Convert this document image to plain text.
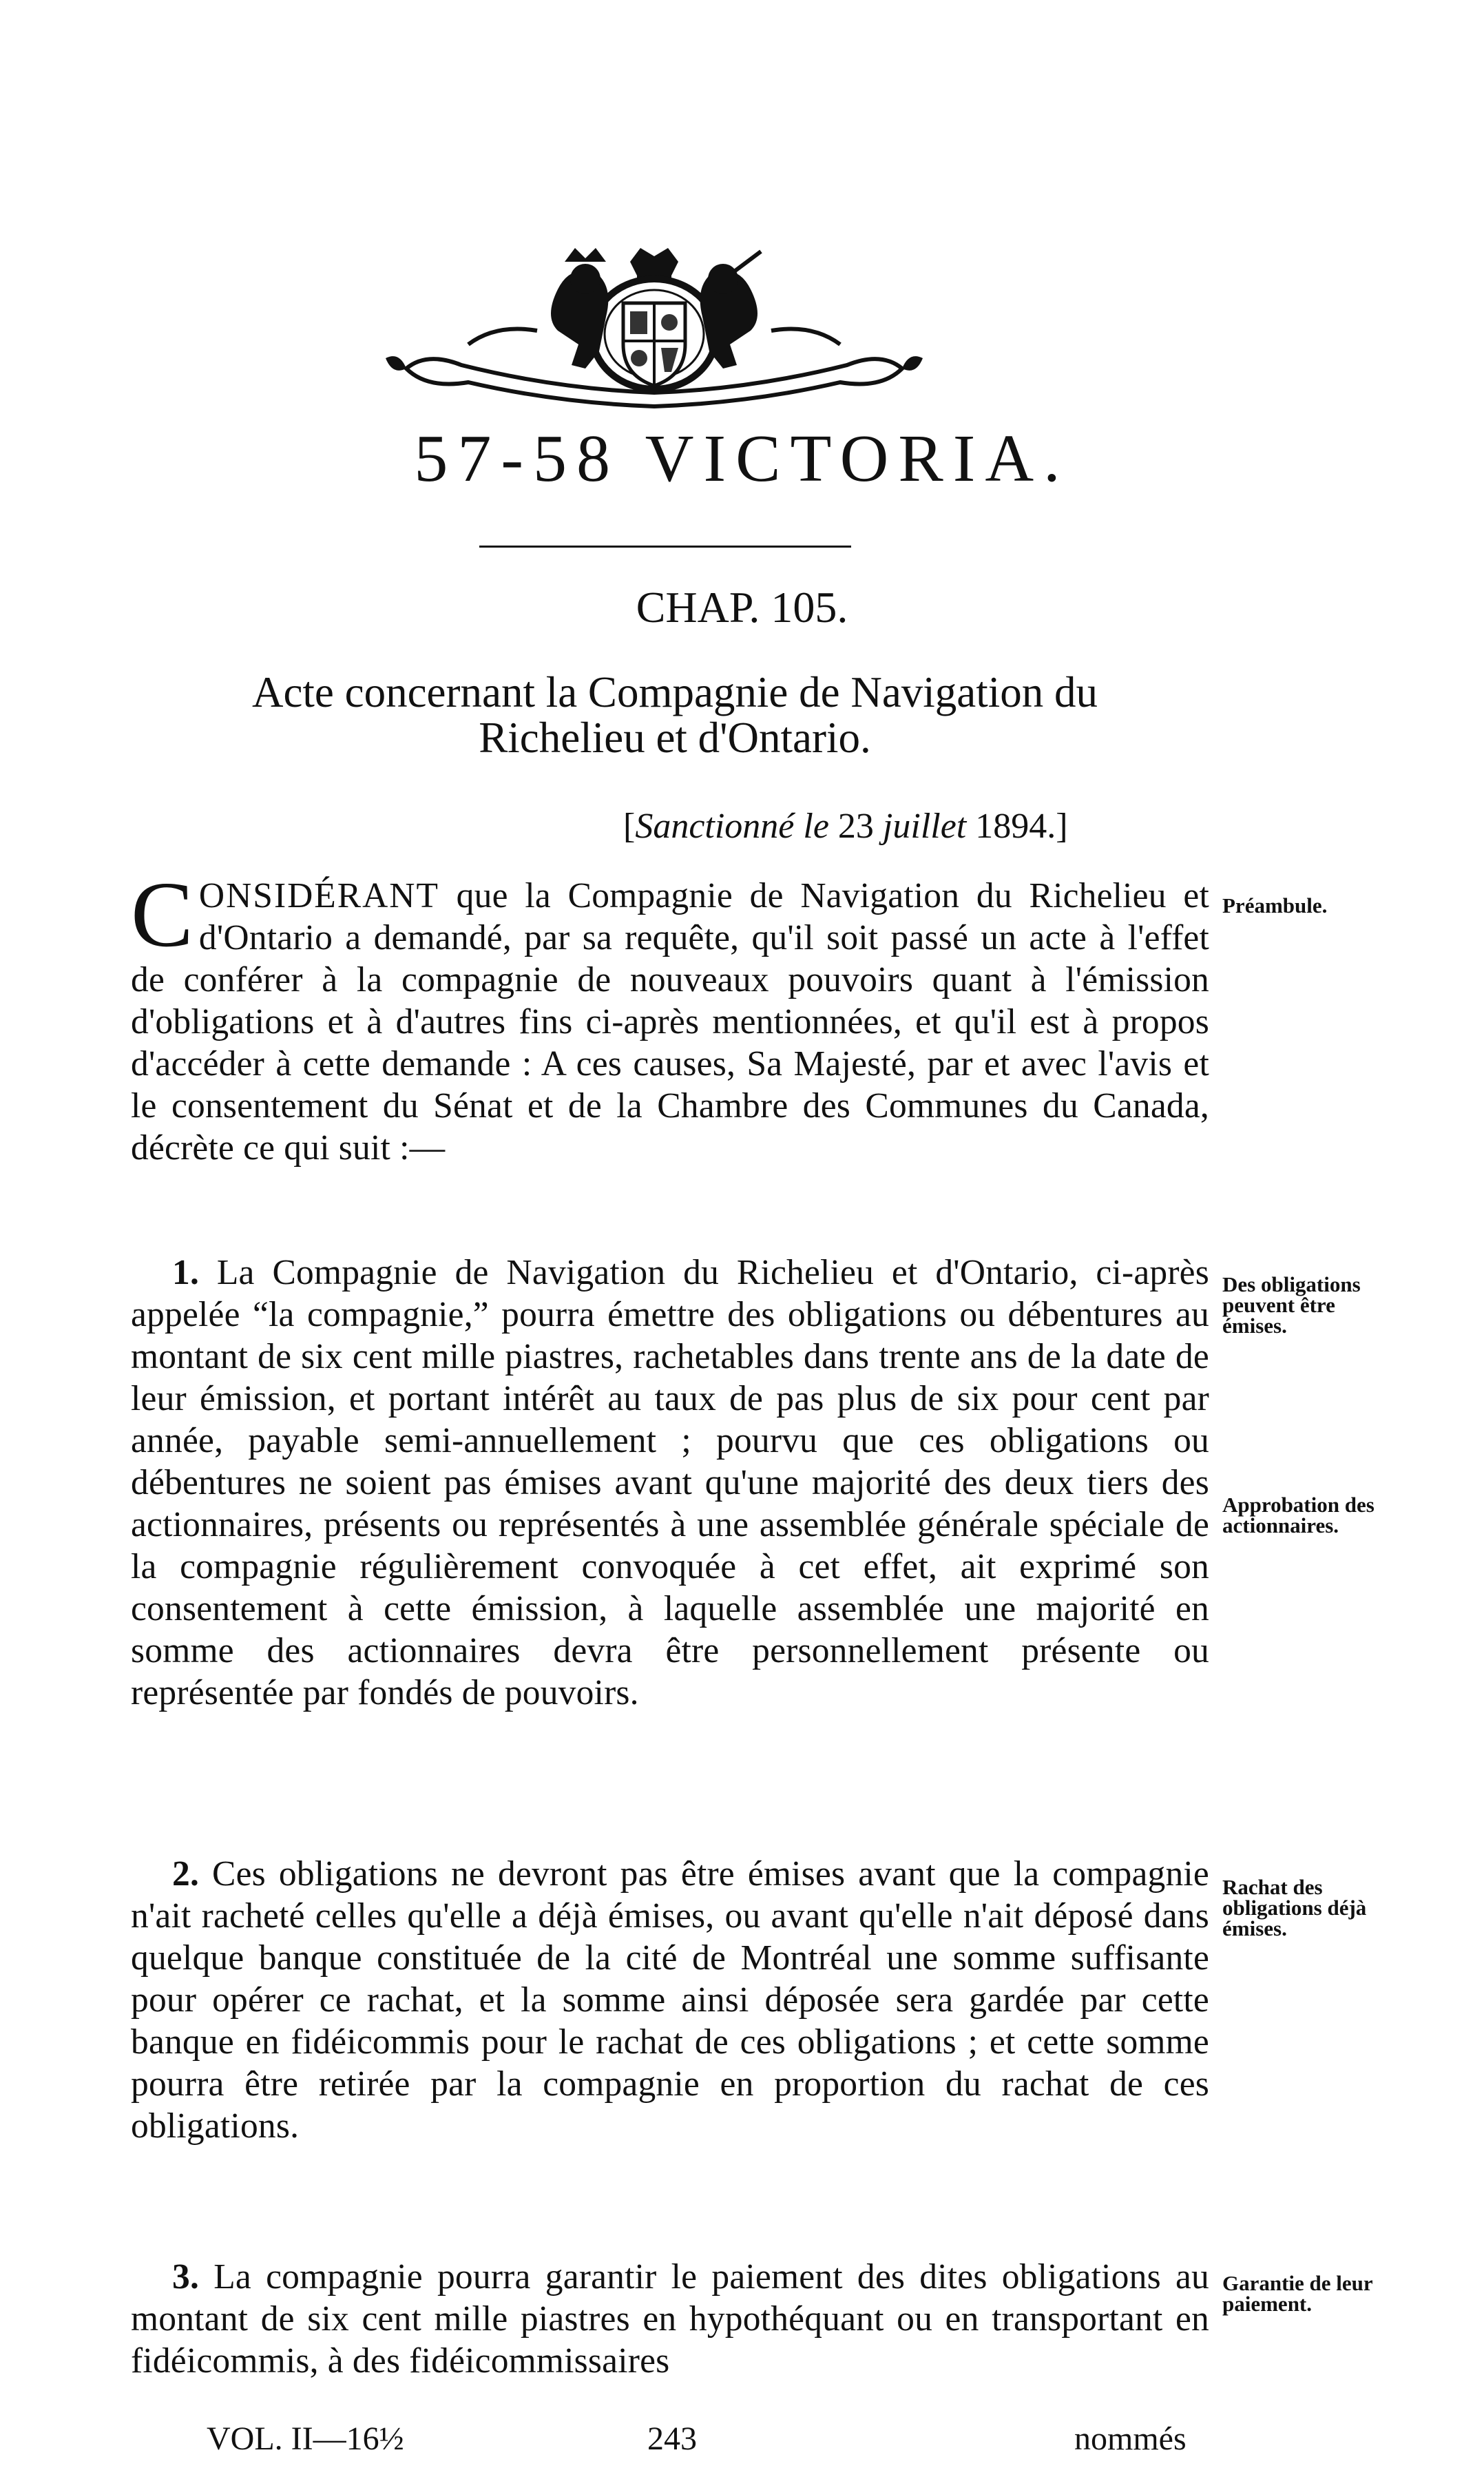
57-58 VICTORIA.
CHAP. 105.
Acte concernant la Compagnie de Navigation du
Richelieu et d'Ontario.
[Sanctionné le 23 juillet 1894.]

CONSIDÉRANT que la Compagnie de Navigation du Richelieu et d'Ontario a demandé, par sa requête, qu'il soit passé un acte à l'effet de conférer à la compagnie de nouveaux pouvoirs quant à l'émission d'obligations et à d'autres fins ci-après mentionnées, et qu'il est à propos d'accéder à cette demande : A ces causes, Sa Majesté, par et avec l'avis et le consentement du Sénat et de la Chambre des Communes du Canada, décrète ce qui suit :—

Préambule.

1. La Compagnie de Navigation du Richelieu et d'Ontario, ci-après appelée “la compagnie,” pourra émettre des obligations ou débentures au montant de six cent mille piastres, rachetables dans trente ans de la date de leur émission, et portant intérêt au taux de pas plus de six pour cent par année, payable semi-annuellement ; pourvu que ces obligations ou débentures ne soient pas émises avant qu'une majorité des deux tiers des actionnaires, présents ou représentés à une assemblée générale spéciale de la compagnie régulièrement convoquée à cet effet, ait exprimé son consentement à cette émission, à laquelle assemblée une majorité en somme des actionnaires devra être personnellement présente ou représentée par fondés de pouvoirs.

Des obligations peuvent être émises.
Approbation des actionnaires.

2. Ces obligations ne devront pas être émises avant que la compagnie n'ait racheté celles qu'elle a déjà émises, ou avant qu'elle n'ait déposé dans quelque banque constituée de la cité de Montréal une somme suffisante pour opérer ce rachat, et la somme ainsi déposée sera gardée par cette banque en fidéicommis pour le rachat de ces obligations ; et cette somme pourra être retirée par la compagnie en proportion du rachat de ces obligations.

Rachat des obligations déjà émises.

3. La compagnie pourra garantir le paiement des dites obligations au montant de six cent mille piastres en hypothéquant ou en transportant en fidéicommis, à des fidéicommissaires

Garantie de leur paiement.
VOL. II—16½	243	nommés
